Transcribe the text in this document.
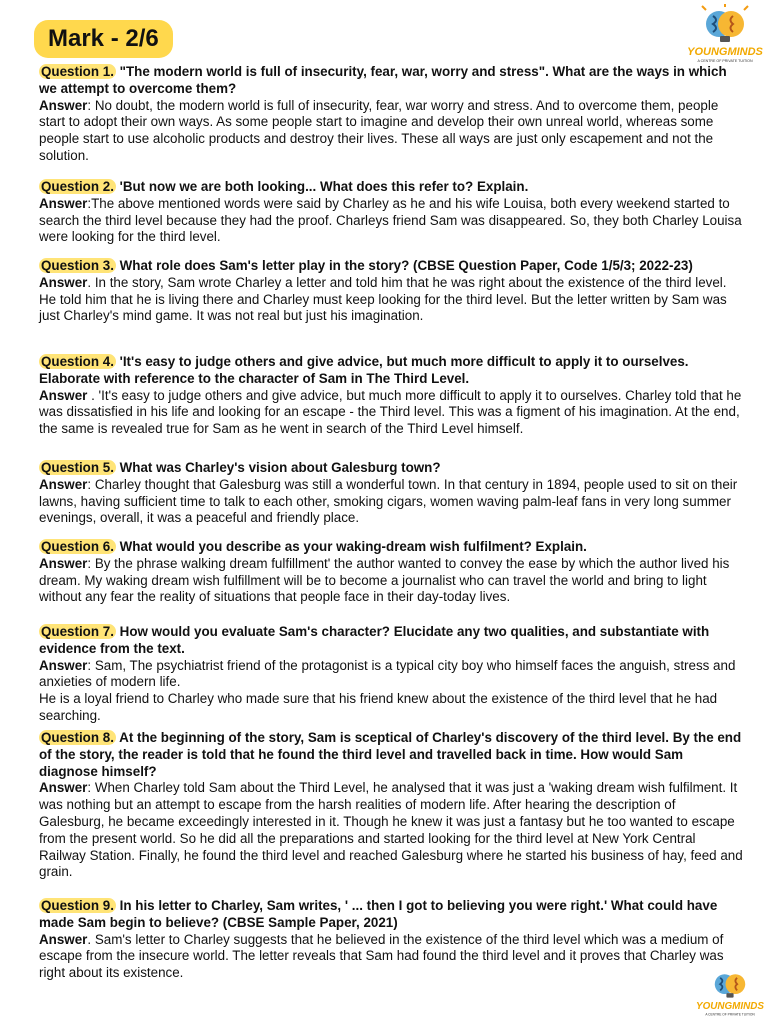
Mark - 2/6	YOUNGMINDS
A CENTRE OF PRIVATE TUITION

Question 1. "The modern world is full of insecurity, fear, war, worry and stress". What are the ways in which we attempt to overcome them?

Answer: No doubt, the modern world is full of insecurity, fear, war worry and stress. And to overcome them, people start to adopt their own ways. As some people start to imagine and develop their own unreal world, whereas some people start to use alcoholic products and destroy their lives. These all ways are just only escapement and not the solution.

Question 2. 'But now we are both looking... What does this refer to? Explain.

Answer:The above mentioned words were said by Charley as he and his wife Louisa, both every weekend started to search the third level because they had the proof. Charleys friend Sam was disappeared. So, they both Charley Louisa were looking for the third level.

Question 3. What role does Sam's letter play in the story? (CBSE Question Paper, Code 1/5/3; 2022-23)

Answer. In the story, Sam wrote Charley a letter and told him that he was right about the existence of the third level. He told him that he is living there and Charley must keep looking for the third level. But the letter written by Sam was just Charley's mind game. It was not real but just his imagination.

Question 4. 'It's easy to judge others and give advice, but much more difficult to apply it to ourselves. Elaborate with reference to the character of Sam in The Third Level.

Answer . 'It's easy to judge others and give advice, but much more difficult to apply it to ourselves. Charley told that he was dissatisfied in his life and looking for an escape - the Third level. This was a figment of his imagination. At the end, the same is revealed true for Sam as he went in search of the Third Level himself.

Question 5. What was Charley's vision about Galesburg town?

Answer: Charley thought that Galesburg was still a wonderful town. In that century in 1894, people used to sit on their lawns, having sufficient time to talk to each other, smoking cigars, women waving palm-leaf fans in very long summer evenings, overall, it was a peaceful and friendly place.

Question 6. What would you describe as your waking-dream wish fulfilment? Explain.

Answer: By the phrase walking dream fulfillment' the author wanted to convey the ease by which the author lived his dream. My waking dream wish fulfillment will be to become a journalist who can travel the world and bring to light without any fear the reality of situations that people face in their day-today lives.

Question 7. How would you evaluate Sam's character? Elucidate any two qualities, and substantiate with evidence from the text.

Answer: Sam, The psychiatrist friend of the protagonist is a typical city boy who himself faces the anguish, stress and anxieties of modern life.

He is a loyal friend to Charley who made sure that his friend knew about the existence of the third level that he had searching.

Question 8. At the beginning of the story, Sam is sceptical of Charley's discovery of the third level. By the end of the story, the reader is told that he found the third level and travelled back in time. How would Sam diagnose himself?

Answer: When Charley told Sam about the Third Level, he analysed that it was just a 'waking dream wish fulfilment. It was nothing but an attempt to escape from the harsh realities of modern life. After hearing the description of Galesburg, he became exceedingly interested in it. Though he knew it was just a fantasy but he too wanted to escape from the present world. So he did all the preparations and started looking for the third level at New York Central Railway Station. Finally, he found the third level and reached Galesburg where he started his business of hay, feed and grain.

Question 9. In his letter to Charley, Sam writes, ' ... then I got to believing you were right.' What could have made Sam begin to believe? (CBSE Sample Paper, 2021)

Answer. Sam's letter to Charley suggests that he believed in the existence of the third level which was a medium of escape from the insecure world. The letter reveals that Sam had found the third level and it proves that Charley was right about its existence.

YOUNGMINDS
A CENTRE OF PRIVATE TUITION
